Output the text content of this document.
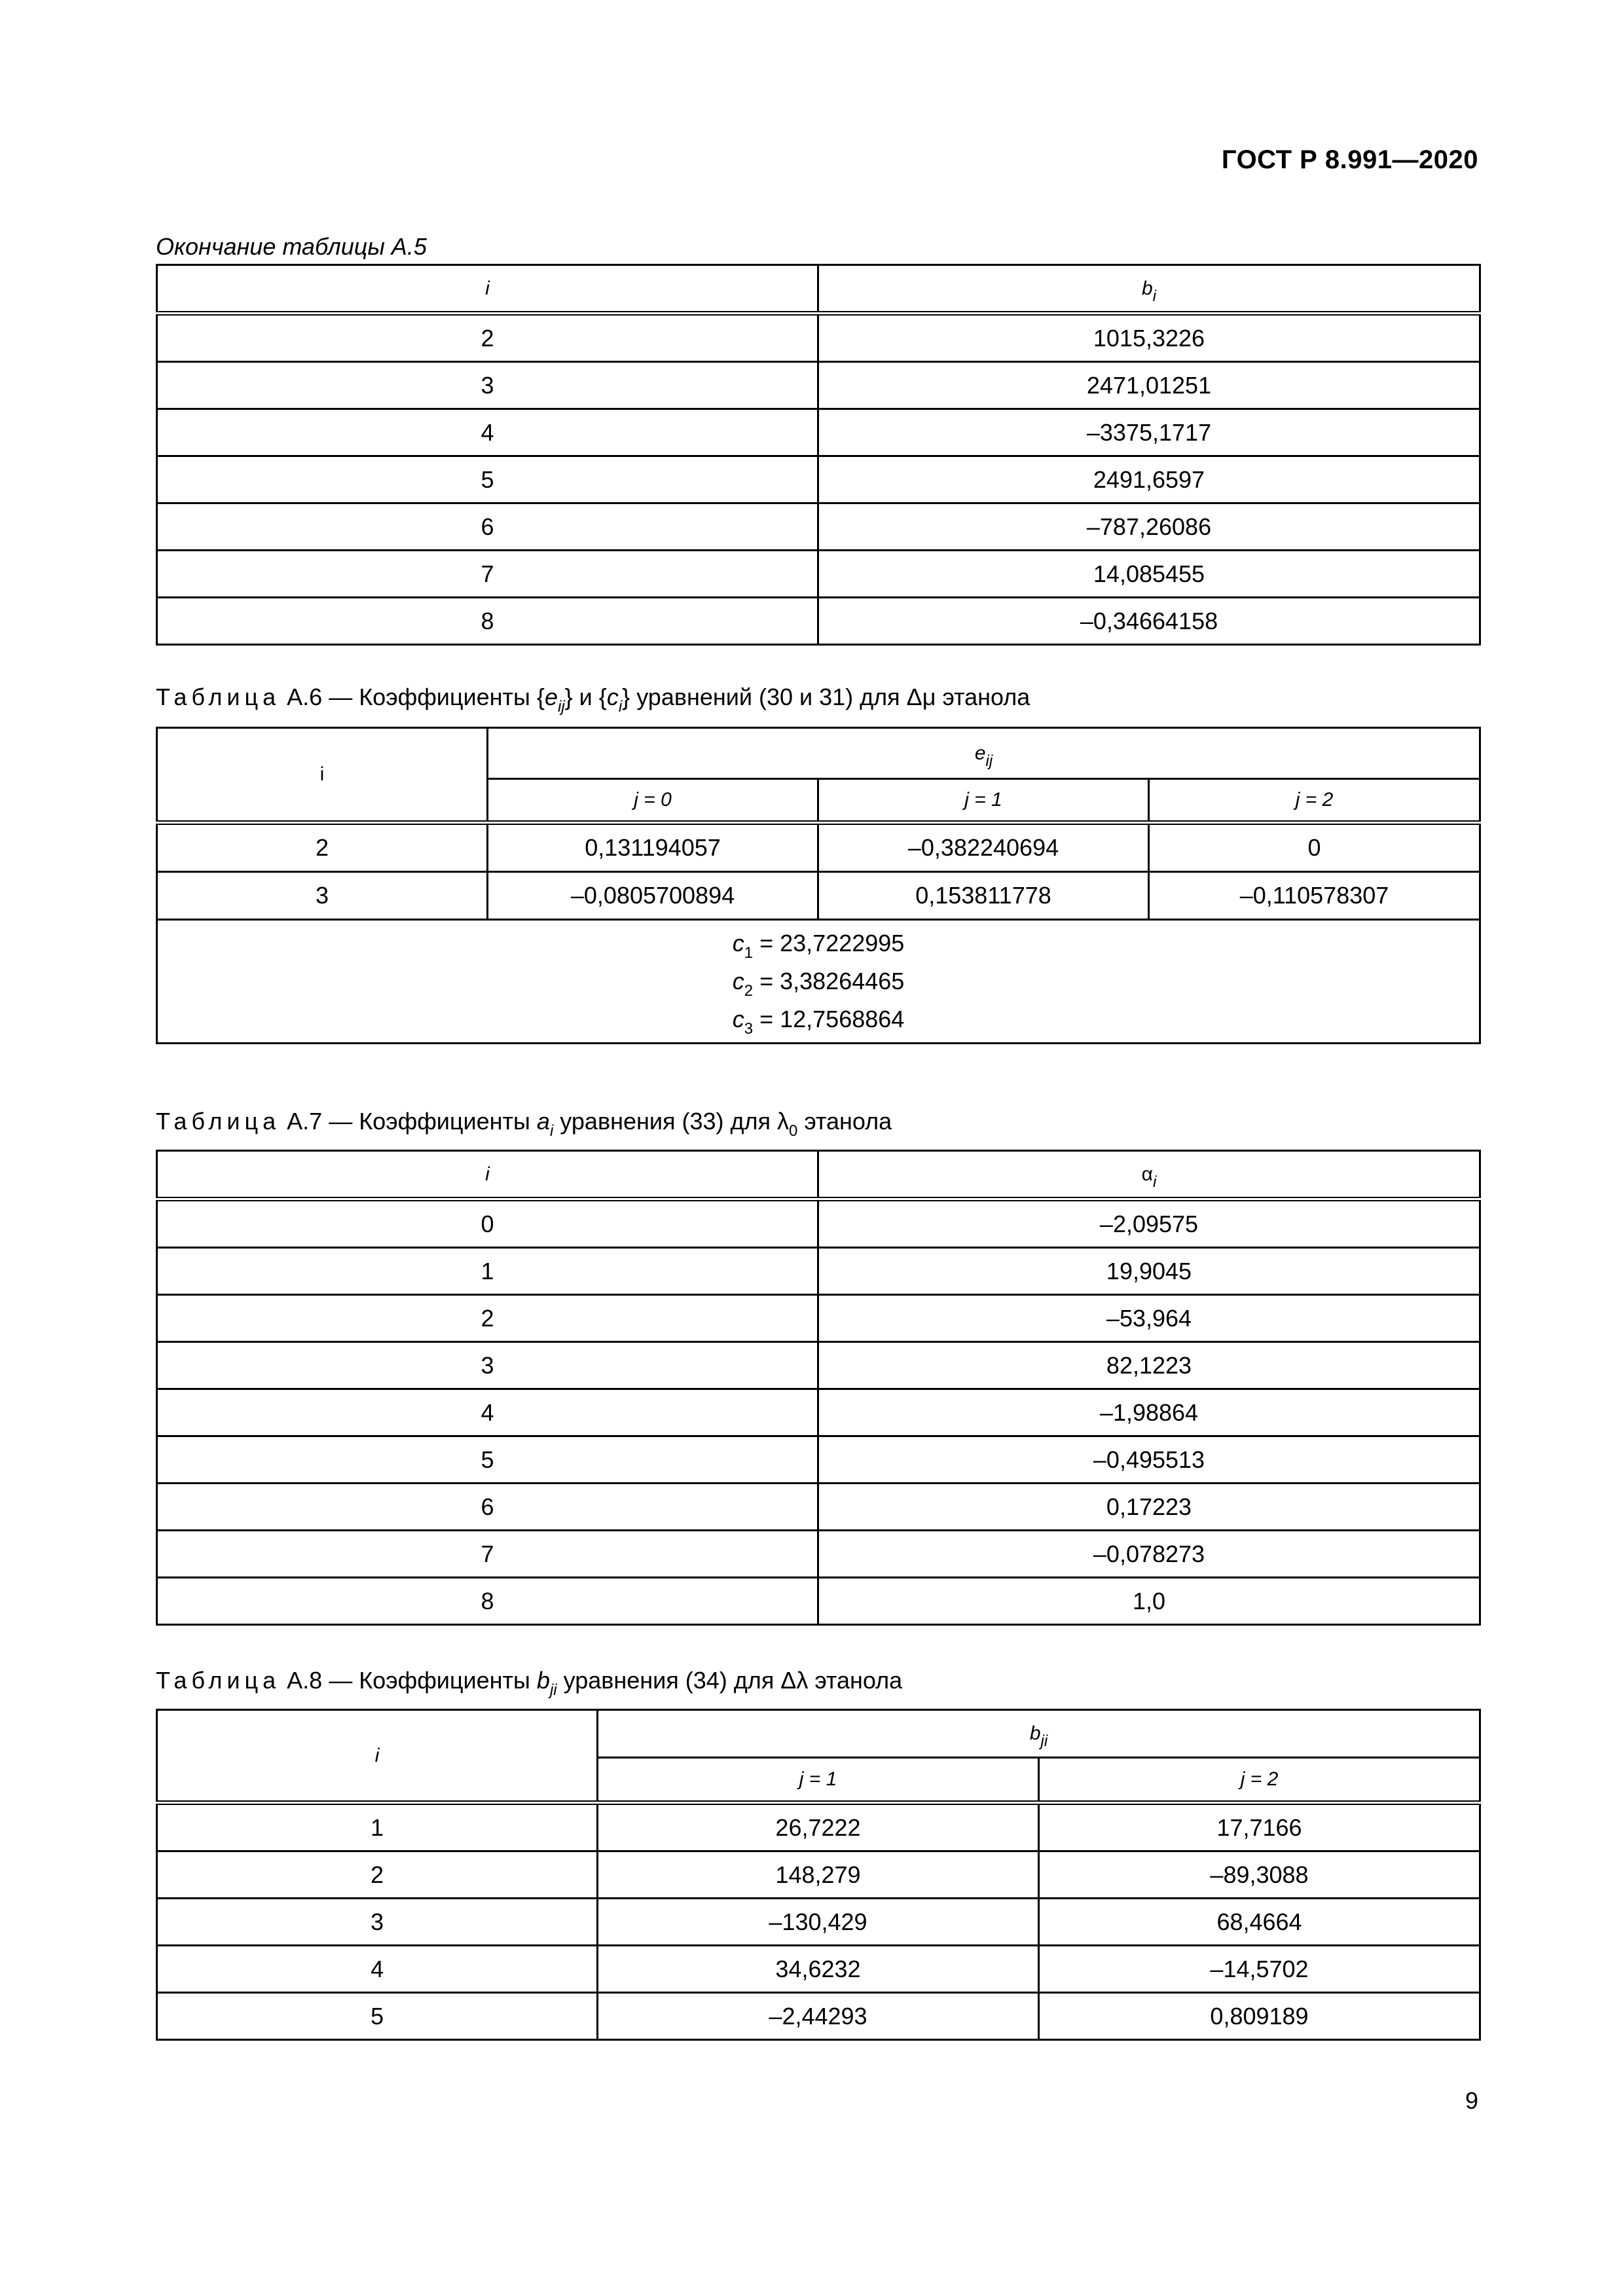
ГОСТ Р 8.991—2020
Окончание таблицы А.5
i	$b_i$
2	1015,3226
3	2471,01251
4	–3375,1717
5	2491,6597
6	–787,26086
7	14,085455
8	–0,34664158
Таблица А.6 — Коэффициенты $\{e_{ij}\}$ и $\{c_i\}$ уравнений (30 и 31) для Δμ этанола
i	$e_{ij}$
	j = 0	j = 1	j = 2
2	0,131194057	–0,382240694	0
3	–0,0805700894	0,153811778	–0,110578307

$c_1 = 23,7222995$
$c_2 = 3,38264465$
$c_3 = 12,7568864$			
Таблица А.7 — Коэффициенты $a_i$ уравнения (33) для $\lambda_0$ этанола
i	$\alpha_i$
0	–2,09575
1	19,9045
2	–53,964
3	82,1223
4	–1,98864
5	–0,495513
6	0,17223
7	–0,078273
8	1,0
Таблица А.8 — Коэффициенты $b_{ji}$ уравнения (34) для Δλ этанола
i	$b_{ji}$
	j = 1	j = 2
1	26,7222	17,7166
2	148,279	–89,3088
3	–130,429	68,4664
4	34,6232	–14,5702
5	–2,44293	0,809189
9
